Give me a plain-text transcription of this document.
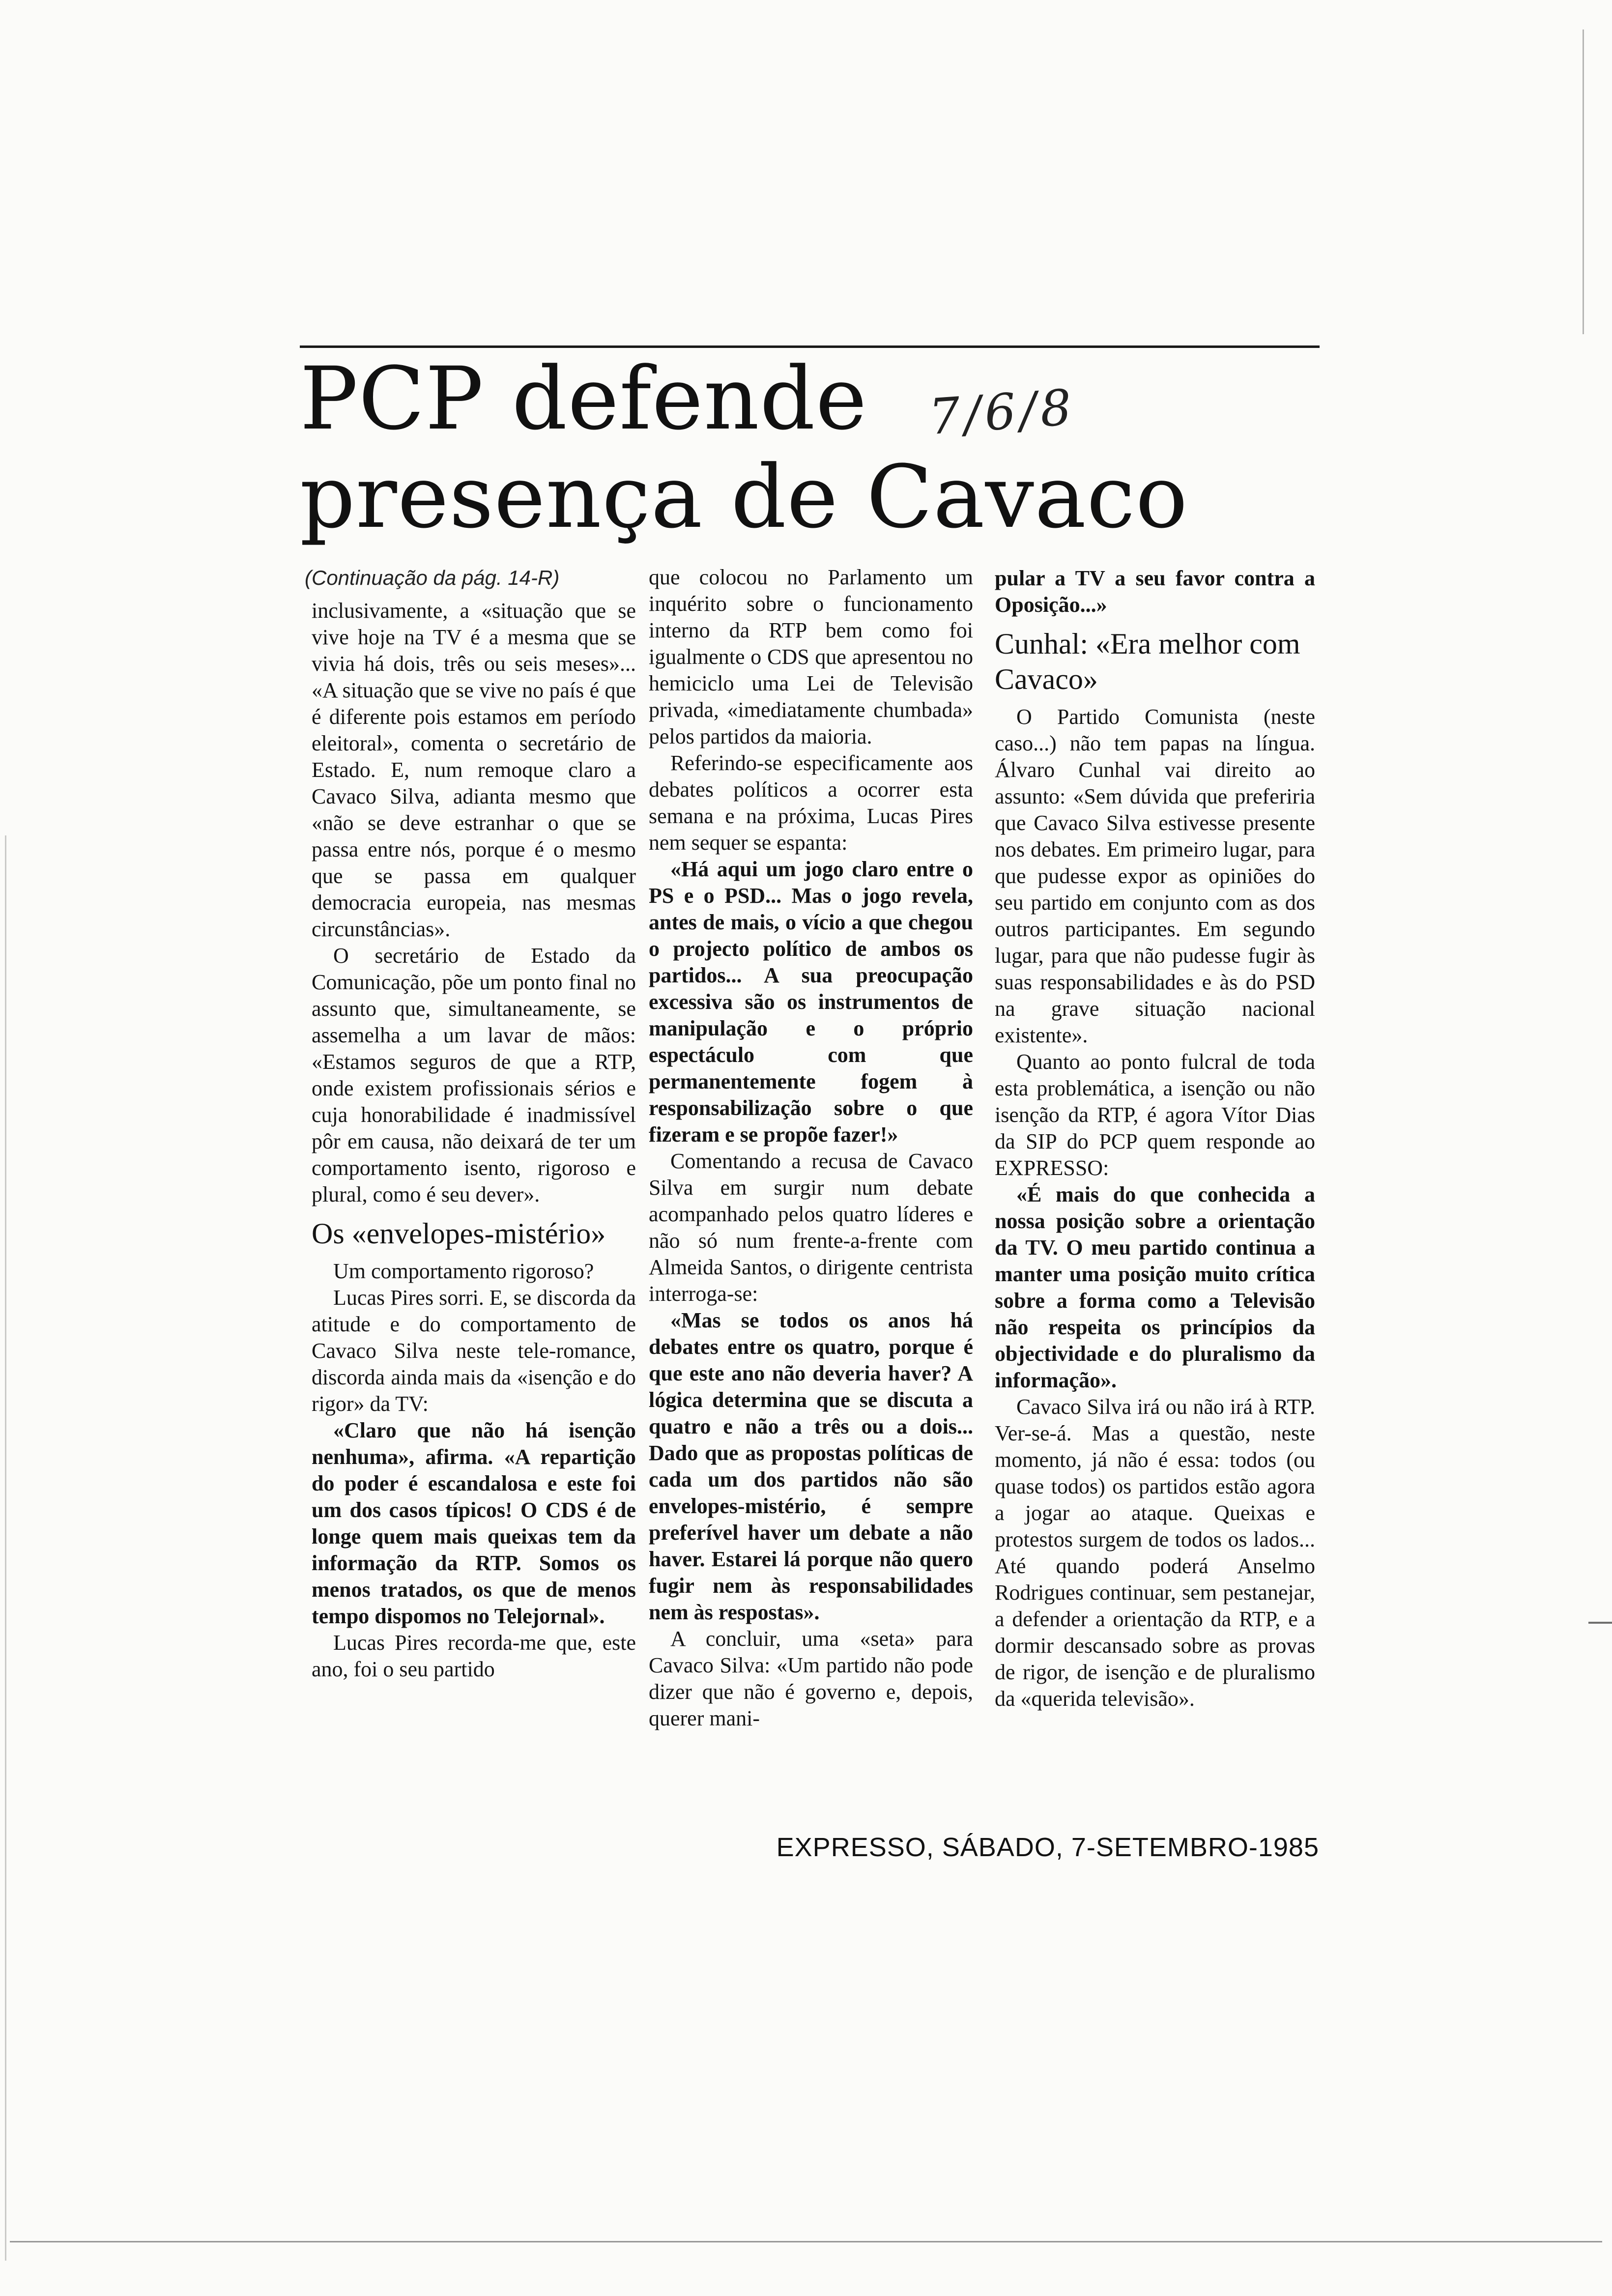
PCP defende
presença de Cavaco
7/6/8
(Continuação da pág. 14-R)

inclusivamente, a «situação que se vive hoje na TV é a mesma que se vivia há dois, três ou seis meses»... «A situação que se vive no país é que é diferente pois estamos em período eleitoral», comenta o secretário de Estado. E, num remoque claro a Cavaco Silva, adianta mesmo que «não se deve estranhar o que se passa entre nós, porque é o mesmo que se passa em qualquer democracia europeia, nas mesmas circunstâncias».

O secretário de Estado da Comunicação, põe um ponto final no assunto que, simultaneamente, se assemelha a um lavar de mãos: «Estamos seguros de que a RTP, onde existem profissionais sérios e cuja honorabilidade é inadmissível pôr em causa, não deixará de ter um comportamento isento, rigoroso e plural, como é seu dever».

Os «envelopes-mistério»

Um comportamento rigoroso?

Lucas Pires sorri. E, se discorda da atitude e do comportamento de Cavaco Silva neste tele-romance, discorda ainda mais da «isenção e do rigor» da TV:

«Claro que não há isenção nenhuma», afirma. «A repartição do poder é escandalosa e este foi um dos casos típicos! O CDS é de longe quem mais queixas tem da informação da RTP. Somos os menos tratados, os que de menos tempo dispomos no Telejornal».

Lucas Pires recorda-me que, este ano, foi o seu partido

que colocou no Parlamento um inquérito sobre o funcionamento interno da RTP bem como foi igualmente o CDS que apresentou no hemiciclo uma Lei de Televisão privada, «imediatamente chumbada» pelos partidos da maioria.

Referindo-se especificamente aos debates políticos a ocorrer esta semana e na próxima, Lucas Pires nem sequer se espanta:

«Há aqui um jogo claro entre o PS e o PSD... Mas o jogo revela, antes de mais, o vício a que chegou o projecto político de ambos os partidos... A sua preocupação excessiva são os instrumentos de manipulação e o próprio espectáculo com que permanentemente fogem à responsabilização sobre o que fizeram e se propõe fazer!»

Comentando a recusa de Cavaco Silva em surgir num debate acompanhado pelos quatro líderes e não só num frente-a-frente com Almeida Santos, o dirigente centrista interroga-se:

«Mas se todos os anos há debates entre os quatro, porque é que este ano não deveria haver? A lógica determina que se discuta a quatro e não a três ou a dois... Dado que as propostas políticas de cada um dos partidos não são envelopes-mistério, é sempre preferível haver um debate a não haver. Estarei lá porque não quero fugir nem às responsabilidades nem às respostas».

A concluir, uma «seta» para Cavaco Silva: «Um partido não pode dizer que não é governo e, depois, querer mani-

pular a TV a seu favor contra a Oposição...»

Cunhal: «Era melhor com Cavaco»

O Partido Comunista (neste caso...) não tem papas na língua. Álvaro Cunhal vai direito ao assunto: «Sem dúvida que preferiria que Cavaco Silva estivesse presente nos debates. Em primeiro lugar, para que pudesse expor as opiniões do seu partido em conjunto com as dos outros participantes. Em segundo lugar, para que não pudesse fugir às suas responsabilidades e às do PSD na grave situação nacional existente».

Quanto ao ponto fulcral de toda esta problemática, a isenção ou não isenção da RTP, é agora Vítor Dias da SIP do PCP quem responde ao EXPRESSO:

«É mais do que conhecida a nossa posição sobre a orientação da TV. O meu partido continua a manter uma posição muito crítica sobre a forma como a Televisão não respeita os princípios da objectividade e do pluralismo da informação».

Cavaco Silva irá ou não irá à RTP. Ver-se-á. Mas a questão, neste momento, já não é essa: todos (ou quase todos) os partidos estão agora a jogar ao ataque. Queixas e protestos surgem de todos os lados... Até quando poderá Anselmo Rodrigues continuar, sem pestanejar, a defender a orientação da RTP, e a dormir descansado sobre as provas de rigor, de isenção e de pluralismo da «querida televisão».

EXPRESSO, SÁBADO, 7-SETEMBRO-1985
